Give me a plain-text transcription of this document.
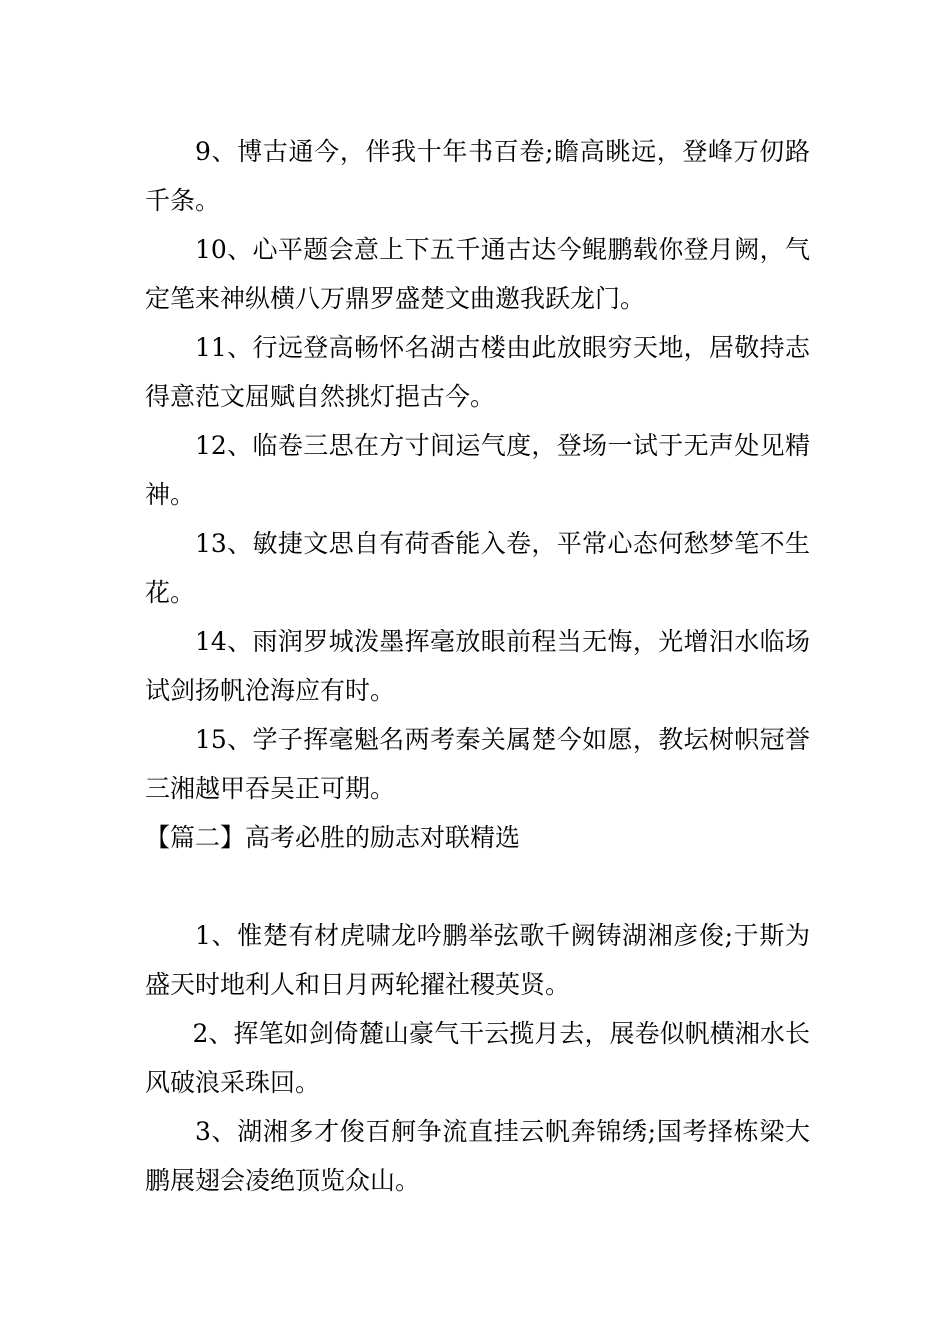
9、博古通今，伴我十年书百卷;瞻高眺远，登峰万仞路千条。

10、心平题会意上下五千通古达今鲲鹏载你登月阙，气定笔来神纵横八万鼎罗盛楚文曲邀我跃龙门。

11、行远登高畅怀名湖古楼由此放眼穷天地，居敬持志得意范文屈赋自然挑灯挹古今。

12、临卷三思在方寸间运气度，登场一试于无声处见精神。

13、敏捷文思自有荷香能入卷，平常心态何愁梦笔不生花。

14、雨润罗城泼墨挥毫放眼前程当无悔，光增汨水临场试剑扬帆沧海应有时。

15、学子挥毫魁名两考秦关属楚今如愿，教坛树帜冠誉三湘越甲吞吴正可期。

【篇二】高考必胜的励志对联精选

1、惟楚有材虎啸龙吟鹏举弦歌千阙铸湖湘彦俊;于斯为盛天时地利人和日月两轮擢社稷英贤。

2、挥笔如剑倚麓山豪气干云揽月去，展卷似帆横湘水长风破浪采珠回。

3、湖湘多才俊百舸争流直挂云帆奔锦绣;国考择栋梁大鹏展翅会凌绝顶览众山。
